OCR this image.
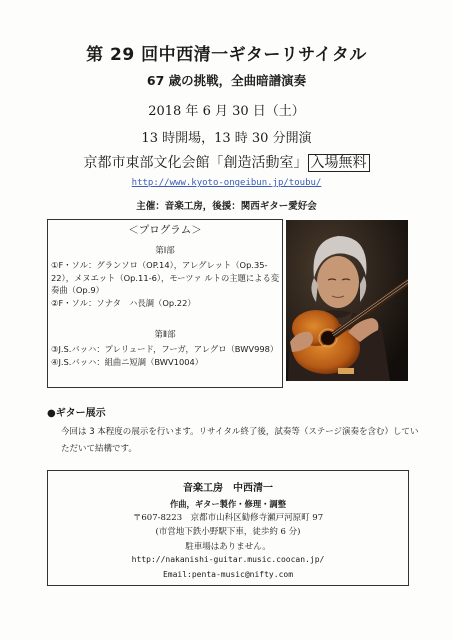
第 29 回中西清一ギターリサイタル
67 歳の挑戦，全曲暗譜演奏
2018 年 6 月 30 日（土）
13 時開場，13 時 30 分開演
京都市東部文化会館「創造活動室」 入場無料
http://www.kyoto-ongeibun.jp/toubu/
主催：音楽工房，後援：関西ギター愛好会
＜プログラム＞
第Ⅰ部
①F・ソル：グランソロ（OP.14），アレグレット（Op.35-22），メヌエット（Op.11-6），モーツァ ルトの主題による変奏曲（Op.9）
②F・ソル：ソナタ　ハ長調（Op.22）
第Ⅱ部
③J.S.バッハ：プレリュード，フーガ，アレグロ（BWV998）
④J.S.バッハ：組曲ニ短調（BWV1004）
●ギター展示
今回は 3 本程度の展示を行います。リサイタル終了後，試奏等（ステージ演奏を含む）していただいて結構です。
音楽工房　中西清一
作曲，ギター製作・修理・調整
〒607-8223　京都市山科区勧修寺瀬戸河原町 97
(市営地下鉄小野駅下車，徒歩約 6 分)
駐車場はありません。
http://nakanishi-guitar.music.coocan.jp/
Email:penta-music@nifty.com
